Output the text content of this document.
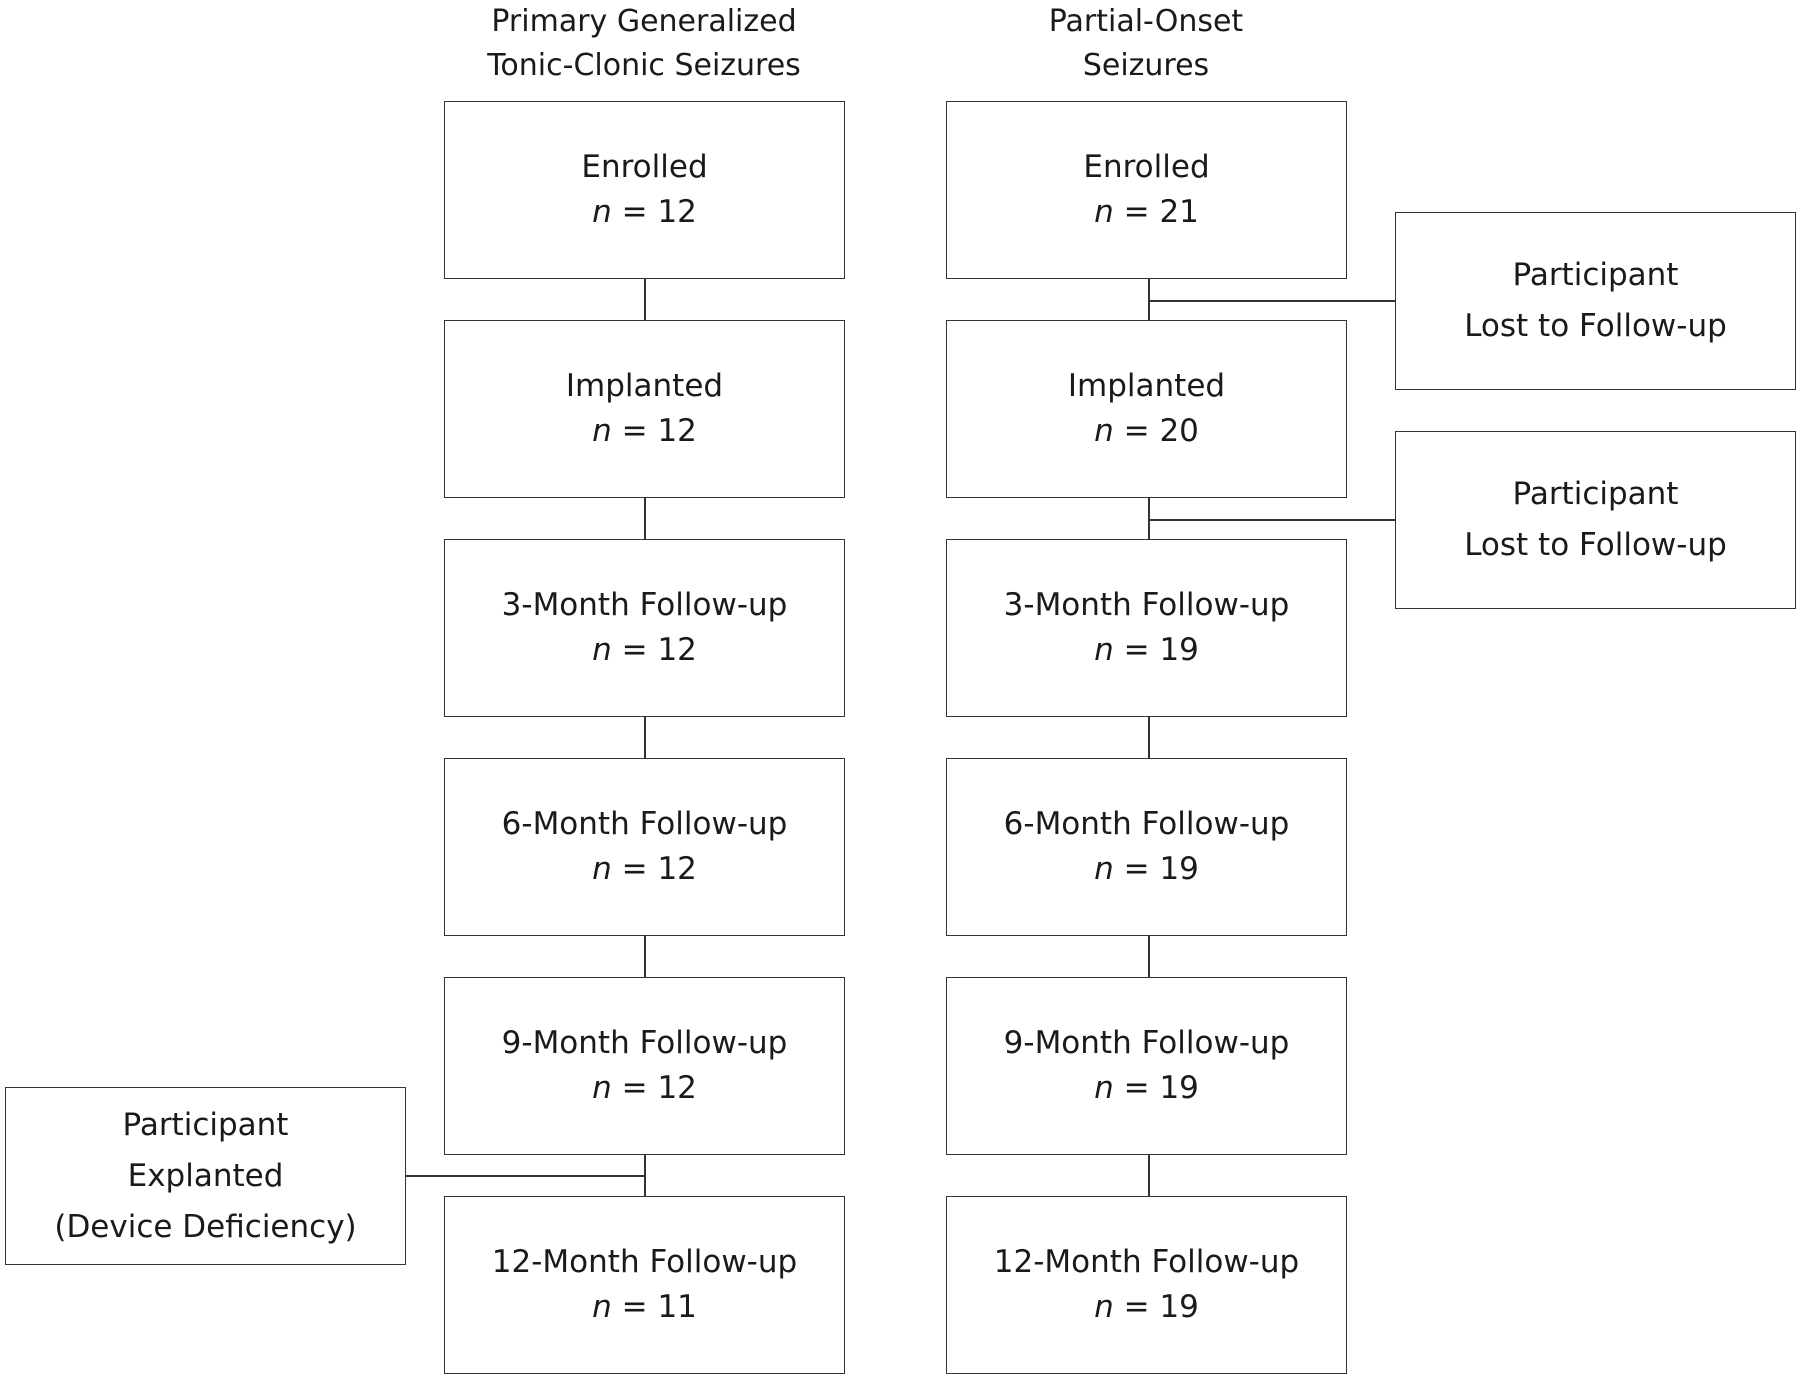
Primary Generalized
Tonic-Clonic Seizures
Partial-Onset
Seizures
Enrolled
n = 12
Implanted
n = 12
3-Month Follow-up
n = 12
6-Month Follow-up
n = 12
9-Month Follow-up
n = 12
12-Month Follow-up
n = 11
Enrolled
n = 21
Implanted
n = 20
3-Month Follow-up
n = 19
6-Month Follow-up
n = 19
9-Month Follow-up
n = 19
12-Month Follow-up
n = 19
Participant
Lost to Follow-up
Participant
Lost to Follow-up
Participant
Explanted
(Device Deficiency)
